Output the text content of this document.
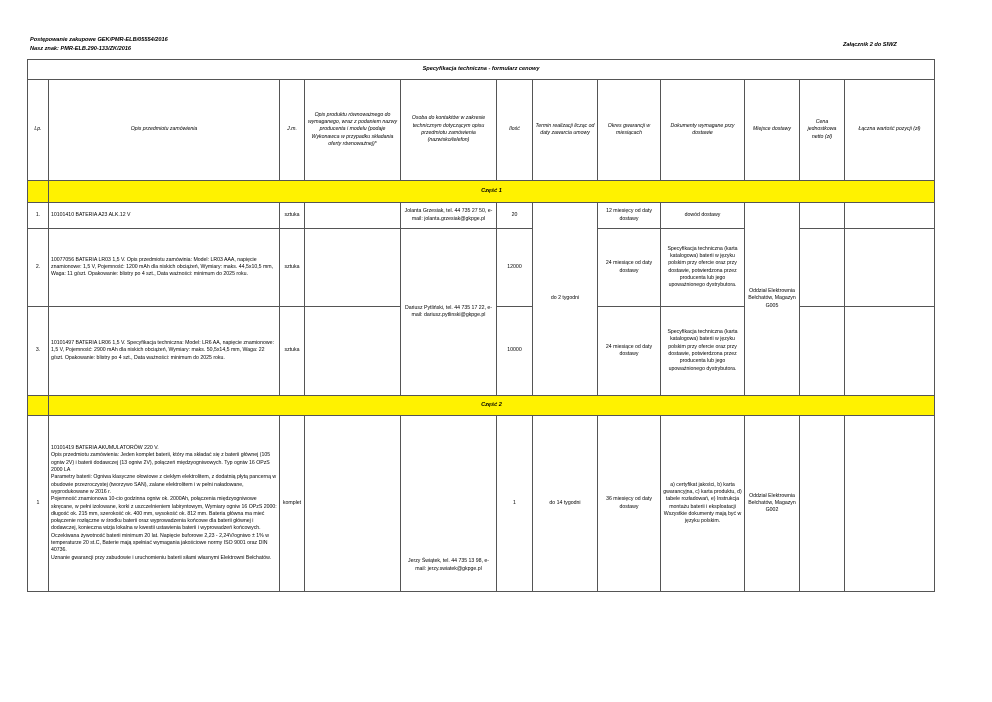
Postępowanie zakupowe GEK/PMR-ELB/05554/2016
Nasz znak: PMR-ELB.290-133/ZK/2016
Załącznik 2 do SIWZ
Specyfikacja techniczna - formularz cenowy											
Lp.	Opis przedmiotu zamówienia	J.m.	Opis produktu równoważnego do wymaganego, wraz z podaniem nazwy producenta i modelu (podaje Wykonawca w przypadku składania oferty równoważnej)*	Osoba do kontaktów w zakresie technicznym dotyczącym opisu przedmiotu zamówienia (nazwisko/telefon)	Ilość	Termin realizacji licząc od daty zawarcia umowy	Okres gwarancji w miesiącach	Dokumenty wymagane przy dostawie	Miejsce dostawy	Cena jednostkowa netto (zł)	Łączna wartość pozycji (zł)
	Część 1										
1.	10101410 BATERIA A23 ALK.12 V	sztuka		Jolanta Grzesiak, tel. 44 735 27 50, e-mail: jolanta.grzesiak@gkpge.pl	20	do 2 tygodni	12 miesięcy od daty dostawy	dowód dostawy	Oddział Elektrownia Bełchatów, Magazyn G005		
2.	10077056 BATERIA LR03 1,5 V. Opis przedmiotu zamówinia: Model: LR03 AAA, napięcie znamionowe: 1,5 V, Pojemność: 1200 mAh dla niskich obciążeń, Wymiary: maks. 44,5x10,5 mm, Waga: 11 g/szt. Opakowanie: blistry po 4 szt., Data ważności: minimum do 2025 roku.	sztuka		Dariusz Pytliński, tel. 44 735 17 22, e-mail: dariusz.pytlinski@gkpge.pl	12000		24 miesiące od daty dostawy	Specyfikacja techniczna (karta katalogowa) baterii w języku polskim przy ofercie oraz przy dostawie, potwierdzona przez producenta lub jego upoważnionego dystrybutora.			
3.	10101497 BATERIA LR06 1,5 V. Specyfikacja techniczna: Model: LR6 AA, napięcie znamionowe: 1,5 V, Pojemność: 2900 mAh dla niskich obciążeń, Wymiary: maks. 50,5x14,5 mm, Waga: 22 g/szt. Opakowanie: blistry po 4 szt., Data ważności: minimum do 2025 roku.	sztuka			10000		24 miesiące od daty dostawy	Specyfikacja techniczna (karta katalogowa) baterii w języku polskim przy ofercie oraz przy dostawie, potwierdzona przez producenta lub jego upoważnionego dystrybutora.			
	Część 2										
1	10101419 BATERIA AKUMULATORÓW 220 V.
Opis przedmiotu zamówienia: Jeden komplet baterii, który ma składać się z baterii głównej (105 ogniw 2V) i baterii dodawczej (13 ogniw 2V), połączeń międzyogniwowych. Typ ogniw 16 OPzS 2000 LA
Parametry baterii: Ogniwa klasyczne ołowiowe z ciekłym elektrolitem, z dodatnią płytą pancerną w obudowie przezroczystej (tworzywo SAN), zalane elektrolitem i w pełni naładowane, wyprodukowane w 2016 r.
Pojemność znamionowa 10-cio godzinna ogniw ok. 2000Ah, połączenia międzyogniwowe skręcane, w pełni izolowane, korki z uszczelnieniem labiryntowym, Wymiary ogniw 16 OPzS 2000: długość ok. 215 mm, szerokość ok. 400 mm, wysokość ok. 812 mm. Bateria główna ma mieć połączenie rozłączne w środku baterii oraz wyprowadzenia końcowe dla baterii głównej i dodawczej, konieczna wizja lokalna w kwestii ustawienia baterii i wyprowadzeń końcowych. Oczekiwana żywotność baterii minimum 20 lat. Napięcie buforowe 2,23 - 2,24V/ogniwo ± 1% w temperaturze 20 st.C, Baterie mają spełniać wymagania jakościowe normy ISO 9001 oraz DIN 40736.
Uznanie gwarancji przy zabudowie i uruchomieniu baterii siłami własnymi Elektrowni Bełchatów.	komplet		Jerzy Świątek, tel. 44 735 13 98, e-mail: jerzy.swiatek@gkpge.pl	1	do 14 tygodni	36 miesięcy od daty dostawy	a) certyfikat jakości, b) karta gwarancyjna, c) karta produktu, d) tabele rozładowań, e) Instrukcja montażu baterii i eksploatacji Wszystkie dokumenty mają być w języku polskim.	Oddział Elektrownia Bełchatów, Magazyn G002		
